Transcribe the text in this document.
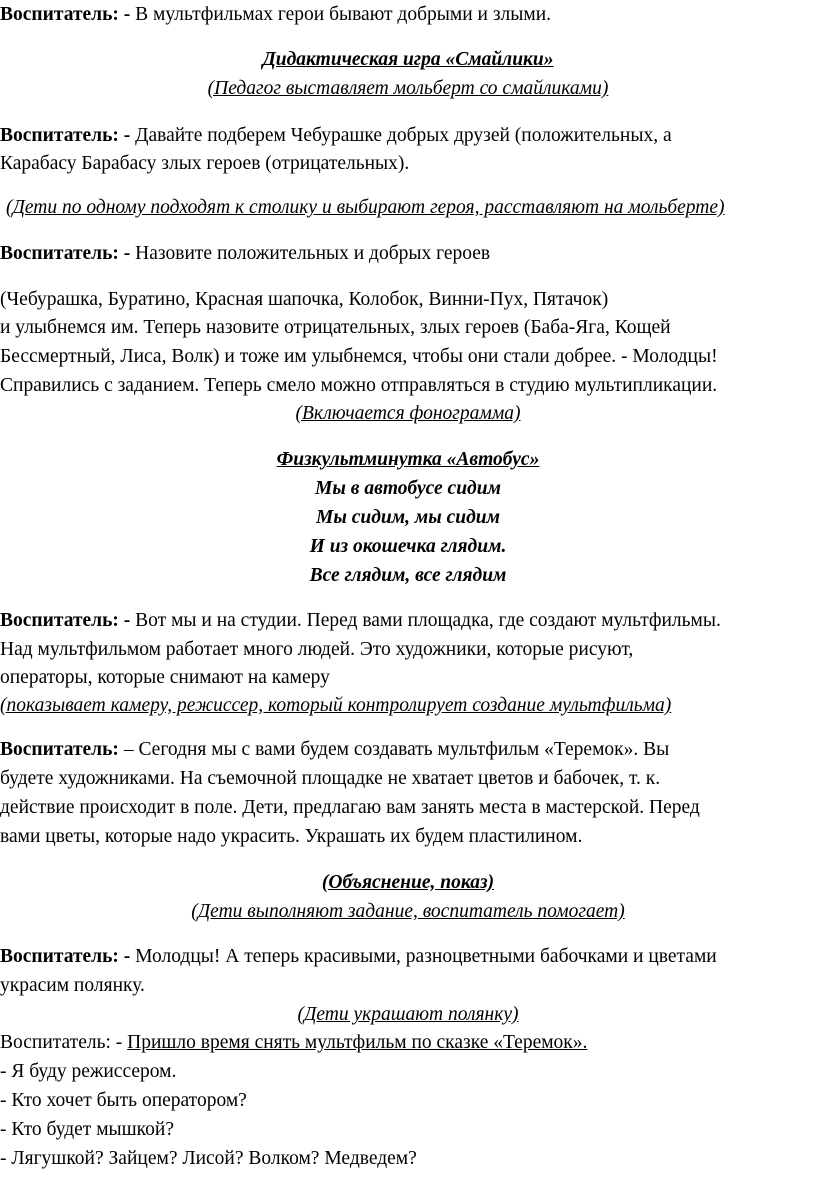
Воспитатель: - В мультфильмах герои бывают добрыми и злыми.

Дидактическая игра «Смайлики»

(Педагог выставляет мольберт со смайликами)

Воспитатель: - Давайте подберем Чебурашке добрых друзей (положительных, а

Карабасу Барабасу злых героев (отрицательных).

(Дети по одному подходят к столику и выбирают героя, расставляют на мольберте)

Воспитатель: - Назовите положительных и добрых героев

(Чебурашка, Буратино, Красная шапочка, Колобок, Винни-Пух, Пятачок)

и улыбнемся им. Теперь назовите отрицательных, злых героев (Баба-Яга, Кощей

Бессмертный, Лиса, Волк) и тоже им улыбнемся, чтобы они стали добрее. - Молодцы!

Справились с заданием. Теперь смело можно отправляться в студию мультипликации.

(Включается фонограмма)

Физкультминутка «Автобус»

Мы в автобусе сидим

Мы сидим, мы сидим

И из окошечка глядим.

Все глядим, все глядим

Воспитатель: - Вот мы и на студии. Перед вами площадка, где создают мультфильмы.

Над мультфильмом работает много людей. Это художники, которые рисуют,

операторы, которые снимают на камеру

(показывает камеру, режиссер, который контролирует создание мультфильма)

Воспитатель: – Сегодня мы с вами будем создавать мультфильм «Теремок». Вы

будете художниками. На съемочной площадке не хватает цветов и бабочек, т. к.

действие происходит в поле. Дети, предлагаю вам занять места в мастерской. Перед

вами цветы, которые надо украсить. Украшать их будем пластилином.

(Объяснение, показ)

(Дети выполняют задание, воспитатель помогает)

Воспитатель: - Молодцы! А теперь красивыми, разноцветными бабочками и цветами

украсим полянку.

(Дети украшают полянку)

Воспитатель: - Пришло время снять мультфильм по сказке «Теремок».

- Я буду режиссером.

- Кто хочет быть оператором?

- Кто будет мышкой?

- Лягушкой? Зайцем? Лисой? Волком? Медведем?
